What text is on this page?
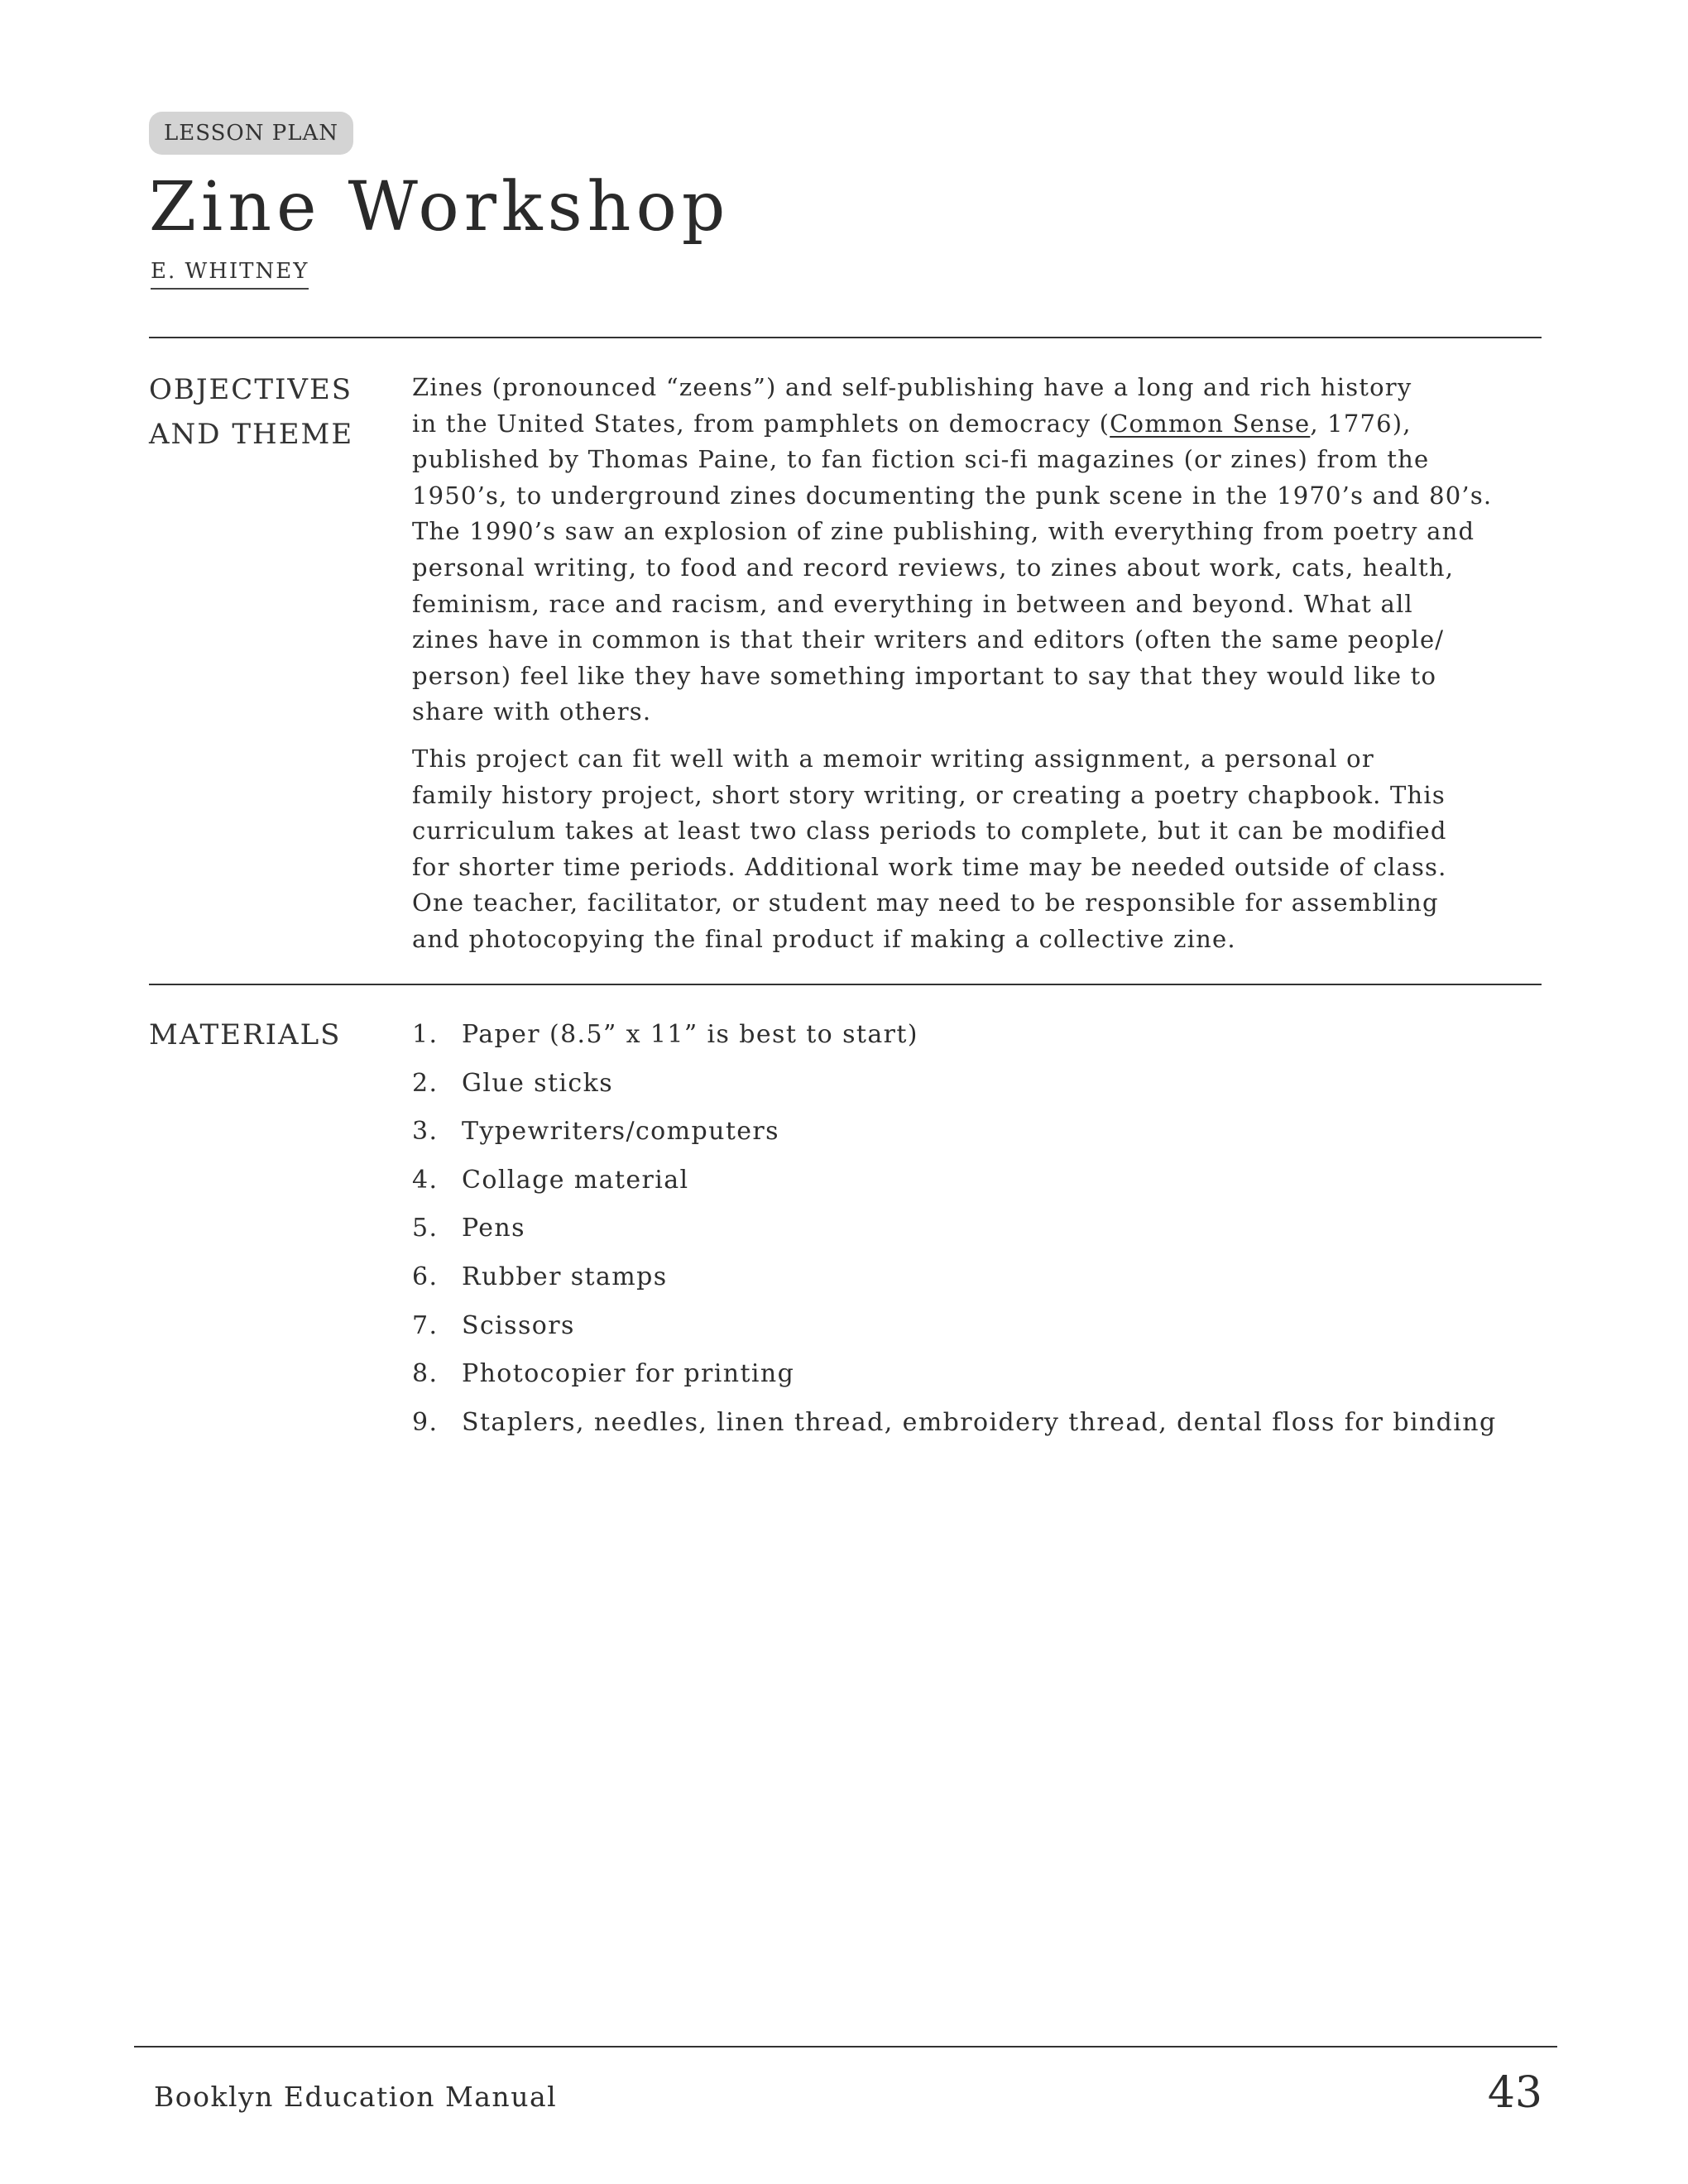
LESSON PLAN
Zine Workshop
E. WHITNEY
OBJECTIVES
AND THEME
Zines (pronounced “zeens”) and self-publishing have a long and rich history
in the United States, from pamphlets on democracy (Common Sense, 1776),
published by Thomas Paine, to fan fiction sci-fi magazines (or zines) from the
1950’s, to underground zines documenting the punk scene in the 1970’s and 80’s.
The 1990’s saw an explosion of zine publishing, with everything from poetry and
personal writing, to food and record reviews, to zines about work, cats, health,
feminism, race and racism, and everything in between and beyond. What all
zines have in common is that their writers and editors (often the same people/
person) feel like they have something important to say that they would like to
share with others.
This project can fit well with a memoir writing assignment, a personal or
family history project, short story writing, or creating a poetry chapbook. This
curriculum takes at least two class periods to complete, but it can be modified
for shorter time periods. Additional work time may be needed outside of class.
One teacher, facilitator, or student may need to be responsible for assembling
and photocopying the final product if making a collective zine.
MATERIALS	1. Paper (8.5” x 11” is best to start)
2. Glue sticks
3. Typewriters/computers
4. Collage material
5. Pens
6. Rubber stamps
7. Scissors
8. Photocopier for printing
9. Staplers, needles, linen thread, embroidery thread, dental floss for binding
Booklyn Education Manual	43
